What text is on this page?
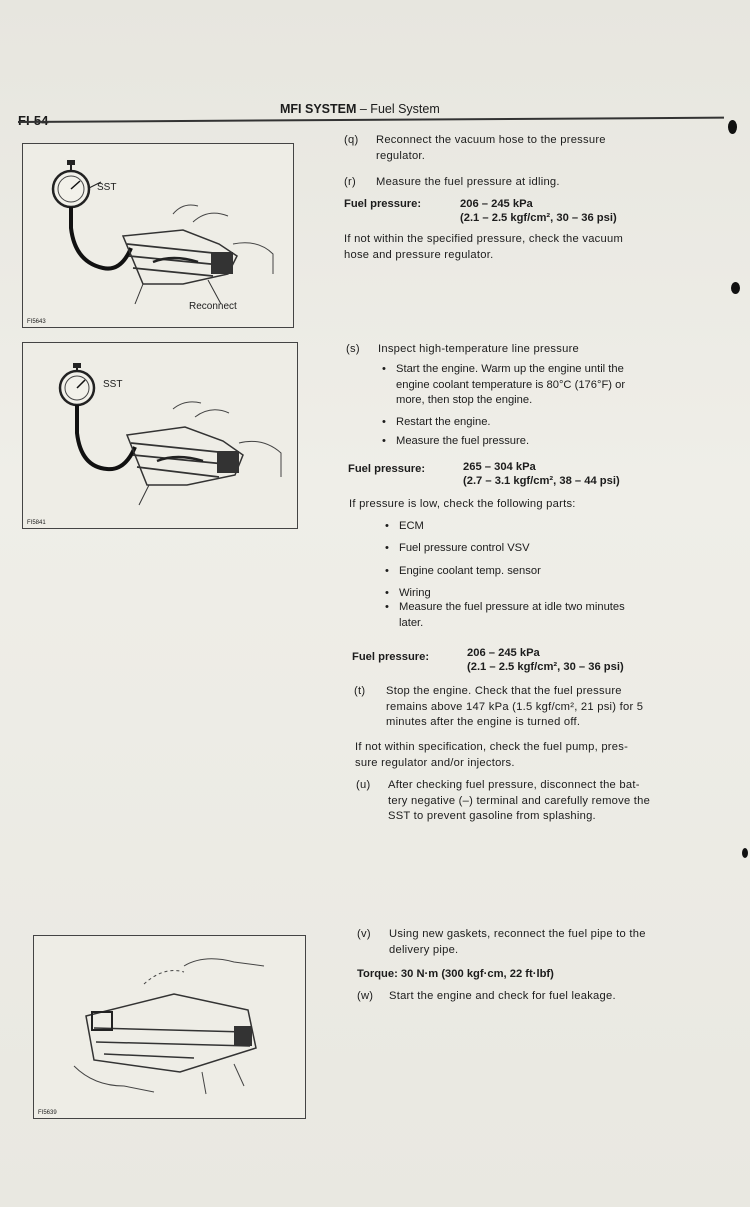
MFI SYSTEM – Fuel System
SST
Reconnect
FI5643
SST
FI5841
FI5639
(q) Reconnect the vacuum hose to the pressure
regulator.
(r) Measure the fuel pressure at idling.
Fuel pressure:	206 – 245 kPa
(2.1 – 2.5 kgf/cm², 30 – 36 psi)
If not within the specified pressure, check the vacuum
hose and pressure regulator.
(s) Inspect high-temperature line pressure
• Start the engine. Warm up the engine until the
engine coolant temperature is 80°C (176°F) or
more, then stop the engine.
• Restart the engine.
• Measure the fuel pressure.
Fuel pressure:	265 – 304 kPa
(2.7 – 3.1 kgf/cm², 38 – 44 psi)
If pressure is low, check the following parts:
• ECM
• Fuel pressure control VSV
• Engine coolant temp. sensor
• Wiring
• Measure the fuel pressure at idle two minutes
later.
Fuel pressure:	206 – 245 kPa
(2.1 – 2.5 kgf/cm², 30 – 36 psi)
(t) Stop the engine. Check that the fuel pressure
remains above 147 kPa (1.5 kgf/cm², 21 psi) for 5
minutes after the engine is turned off.
If not within specification, check the fuel pump, pres-
sure regulator and/or injectors.
(u) After checking fuel pressure, disconnect the bat-
tery negative (–) terminal and carefully remove the
SST to prevent gasoline from splashing.
(v) Using new gaskets, reconnect the fuel pipe to the
delivery pipe.
Torque: 30 N·m (300 kgf·cm, 22 ft·lbf)
(w) Start the engine and check for fuel leakage.
